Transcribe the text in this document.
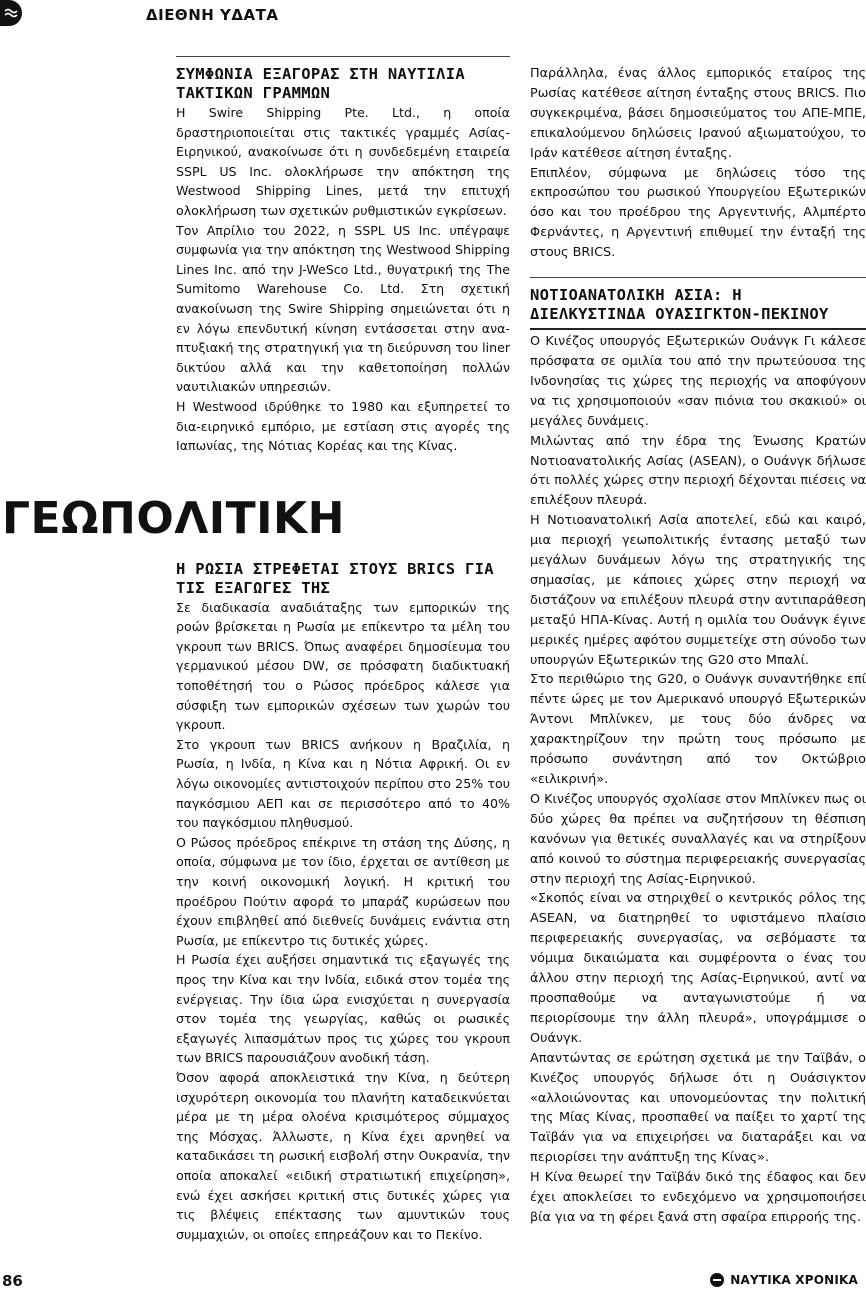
ΔΙΕΘΝΗ ΥΔΑΤΑ
ΓΕΩΠΟΛΙΤΙΚΗ
ΣΥΜΦΩΝΙΑ ΕΞΑΓΟΡΑΣ ΣΤΗ ΝΑΥΤΙΛΙΑ ΤΑΚΤΙΚΩΝ ΓΡΑΜΜΩΝ

Η Swire Shipping Pte. Ltd., η οποία δραστηριοποιείται στις τακτικές γραμμές Ασίας-Ειρηνικού, ανακοίνωσε ότι η συνδεδεμένη εταιρεία SSPL US Inc. ολοκλήρωσε την απόκτηση της Westwood Shipping Lines, μετά την επιτυχή ολοκλήρωση των σχετικών ρυθμιστικών εγκρίσεων.

Τον Απρίλιο του 2022, η SSPL US Inc. υπέγραψε συμφωνία για την απόκτηση της Westwood Shipping Lines Inc. από την J-WeSco Ltd., θυγατρική της The Sumitomo Warehouse Co. Ltd. Στη σχετική ανακοίνωση της Swire Shipping σημειώνεται ότι η εν λόγω επενδυτική κίνηση εντάσσεται στην αναπτυξιακή της στρατηγική για τη διεύρυνση του liner δικτύου αλλά και την καθετοποίηση πολλών ναυτιλιακών υπηρεσιών.

Η Westwood ιδρύθηκε το 1980 και εξυπηρετεί το δια-ειρηνικό εμπόριο, με εστίαση στις αγορές της Ιαπωνίας, της Νότιας Κορέας και της Κίνας.

Η ΡΩΣΙΑ ΣΤΡΕΦΕΤΑΙ ΣΤΟΥΣ BRICS ΓΙΑ ΤΙΣ ΕΞΑΓΩΓΕΣ ΤΗΣ

Σε διαδικασία αναδιάταξης των εμπορικών της ροών βρίσκεται η Ρωσία με επίκεντρο τα μέλη του γκρουπ των BRICS. Όπως αναφέρει δημοσίευμα του γερμανικού μέσου DW, σε πρόσφατη διαδικτυακή τοποθέτησή του ο Ρώσος πρόεδρος κάλεσε για σύσφιξη των εμπορικών σχέσεων των χωρών του γκρουπ.

Στο γκρουπ των BRICS ανήκουν η Βραζιλία, η Ρωσία, η Ινδία, η Κίνα και η Νότια Αφρική. Οι εν λόγω οικονομίες αντιστοιχούν περίπου στο 25% του παγκόσμιου ΑΕΠ και σε περισσότερο από το 40% του παγκόσμιου πληθυσμού.

Ο Ρώσος πρόεδρος επέκρινε τη στάση της Δύσης, η οποία, σύμφωνα με τον ίδιο, έρχεται σε αντίθεση με την κοινή οικονομική λογική. Η κριτική του προέδρου Πούτιν αφορά το μπαράζ κυρώσεων που έχουν επιβληθεί από διεθνείς δυνάμεις ενάντια στη Ρωσία, με επίκεντρο τις δυτικές χώρες.

Η Ρωσία έχει αυξήσει σημαντικά τις εξαγωγές της προς την Κίνα και την Ινδία, ειδικά στον τομέα της ενέργειας. Την ίδια ώρα ενισχύεται η συνεργασία στον τομέα της γεωργίας, καθώς οι ρωσικές εξαγωγές λιπασμάτων προς τις χώρες του γκρουπ των BRICS παρουσιάζουν ανοδική τάση.

Όσον αφορά αποκλειστικά την Κίνα, η δεύτερη ισχυρότερη οικονομία του πλανήτη καταδεικνύεται μέρα με τη μέρα ολοένα κρισιμότερος σύμμαχος της Μόσχας. Άλλωστε, η Κίνα έχει αρνηθεί να καταδικάσει τη ρωσική εισβολή στην Ουκρανία, την οποία αποκαλεί «ειδική στρατιωτική επιχείρηση», ενώ έχει ασκήσει κριτική στις δυτικές χώρες για τις βλέψεις επέκτασης των αμυντικών τους συμμαχιών, οι οποίες επηρεάζουν και το Πεκίνο.

Παράλληλα, ένας άλλος εμπορικός εταίρος της Ρωσίας κατέθεσε αίτηση ένταξης στους BRICS. Πιο συγκεκριμένα, βάσει δημοσιεύματος του ΑΠΕ-ΜΠΕ, επικαλούμενου δηλώσεις Ιρανού αξιωματούχου, το Ιράν κατέθεσε αίτηση ένταξης.

Επιπλέον, σύμφωνα με δηλώσεις τόσο της εκπροσώπου του ρωσικού Υπουργείου Εξωτερικών όσο και του προέδρου της Αργεντινής, Αλμπέρτο Φερνάντες, η Αργεντινή επιθυμεί την ένταξή της στους BRICS.

ΝΟΤΙΟΑΝΑΤΟΛΙΚΗ ΑΣΙΑ: Η ΔΙΕΛΚΥΣΤΙΝΔΑ ΟΥΑΣΙΓΚΤΟΝ-ΠΕΚΙΝΟΥ

Ο Κινέζος υπουργός Εξωτερικών Ουάνγκ Γι κάλεσε πρόσφατα σε ομιλία του από την πρωτεύουσα της Ινδονησίας τις χώρες της περιοχής να αποφύγουν να τις χρησιμοποιούν «σαν πιόνια του σκακιού» οι μεγάλες δυνάμεις.

Μιλώντας από την έδρα της Ένωσης Κρατών Νοτιοανατολικής Ασίας (ASEAN), ο Ουάνγκ δήλωσε ότι πολλές χώρες στην περιοχή δέχονται πιέσεις να επιλέξουν πλευρά.

Η Νοτιοανατολική Ασία αποτελεί, εδώ και καιρό, μια περιοχή γεωπολιτικής έντασης μεταξύ των μεγάλων δυνάμεων λόγω της στρατηγικής της σημασίας, με κάποιες χώρες στην περιοχή να διστάζουν να επιλέξουν πλευρά στην αντιπαράθεση μεταξύ ΗΠΑ-Κίνας. Αυτή η ομιλία του Ουάνγκ έγινε μερικές ημέρες αφότου συμμετείχε στη σύνοδο των υπουργών Εξωτερικών της G20 στο Μπαλί.

Στο περιθώριο της G20, ο Ουάνγκ συναντήθηκε επί πέντε ώρες με τον Αμερικανό υπουργό Εξωτερικών Άντονι Μπλίνκεν, με τους δύο άνδρες να χαρακτηρίζουν την πρώτη τους πρόσωπο με πρόσωπο συνάντηση από τον Οκτώβριο «ειλικρινή».

Ο Κινέζος υπουργός σχολίασε στον Μπλίνκεν πως οι δύο χώρες θα πρέπει να συζητήσουν τη θέσπιση κανόνων για θετικές συναλλαγές και να στηρίξουν από κοινού το σύστημα περιφερειακής συνεργασίας στην περιοχή της Ασίας-Ειρηνικού.

«Σκοπός είναι να στηριχθεί ο κεντρικός ρόλος της ASEAN, να διατηρηθεί το υφιστάμενο πλαίσιο περιφερειακής συνεργασίας, να σεβόμαστε τα νόμιμα δικαιώματα και συμφέροντα ο ένας του άλλου στην περιοχή της Ασίας-Ειρηνικού, αντί να προσπαθούμε να ανταγωνιστούμε ή να περιορίσουμε την άλλη πλευρά», υπογράμμισε ο Ουάνγκ.

Απαντώντας σε ερώτηση σχετικά με την Ταϊβάν, ο Κινέζος υπουργός δήλωσε ότι η Ουάσιγκτον «αλλοιώνοντας και υπονομεύοντας την πολιτική της Μίας Κίνας, προσπαθεί να παίξει το χαρτί της Ταϊβάν για να επιχειρήσει να διαταράξει και να περιορίσει την ανάπτυξη της Κίνας».

Η Κίνα θεωρεί την Ταϊβάν δικό της έδαφος και δεν έχει αποκλείσει το ενδεχόμενο να χρησιμοποιήσει βία για να τη φέρει ξανά στη σφαίρα επιρροής της.

86	ΝΑΥΤΙΚΑ ΧΡΟΝΙΚΑ
